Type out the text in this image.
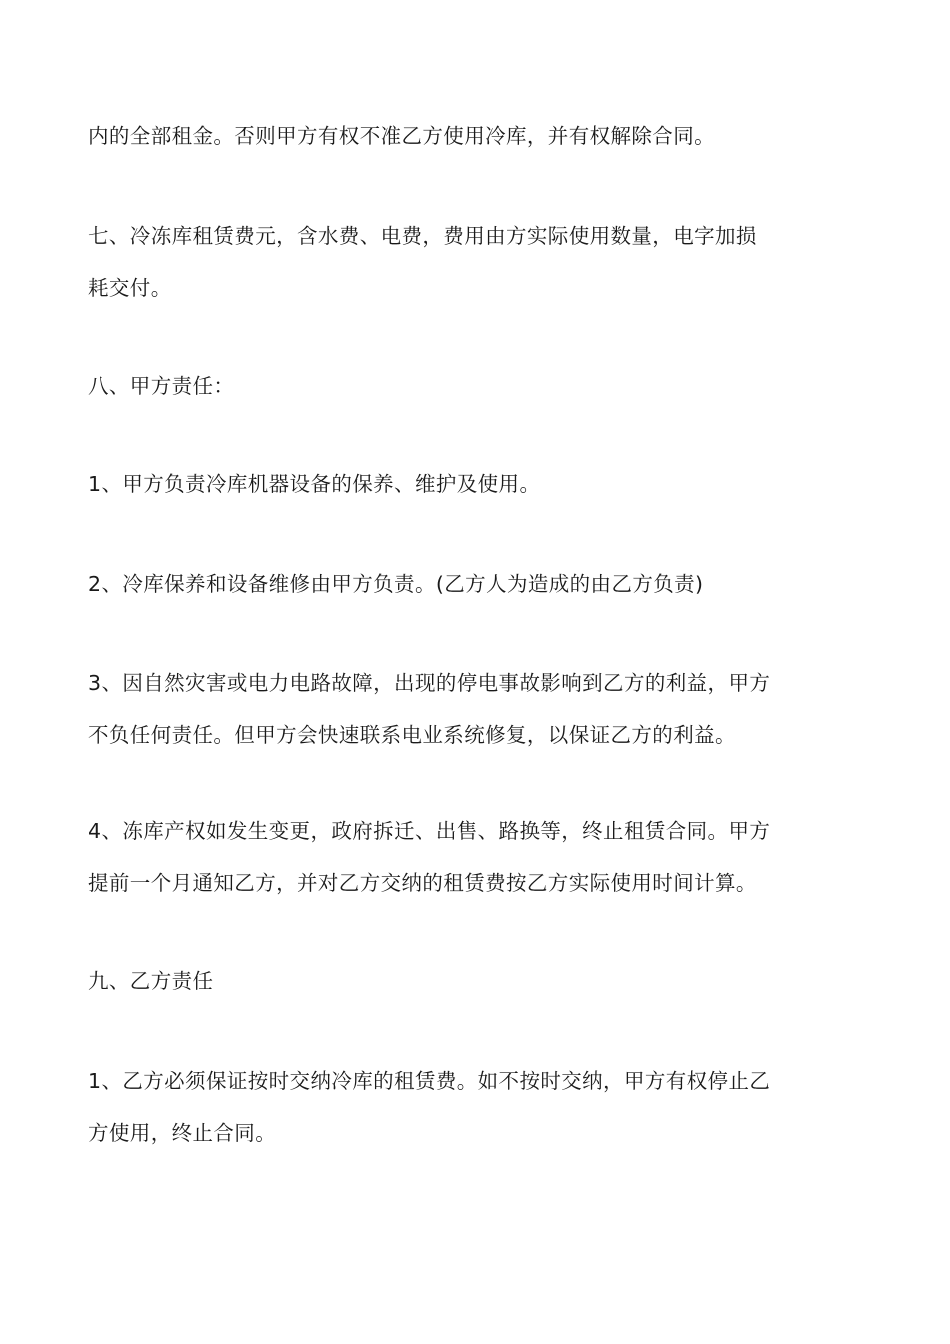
内的全部租金。否则甲方有权不准乙方使用冷库，并有权解除合同。
七、冷冻库租赁费元，含水费、电费，费用由方实际使用数量，电字加损
耗交付。
八、甲方责任：
1、甲方负责冷库机器设备的保养、维护及使用。
2、冷库保养和设备维修由甲方负责。(乙方人为造成的由乙方负责)
3、因自然灾害或电力电路故障，出现的停电事故影响到乙方的利益，甲方
不负任何责任。但甲方会快速联系电业系统修复，以保证乙方的利益。
4、冻库产权如发生变更，政府拆迁、出售、路换等，终止租赁合同。甲方
提前一个月通知乙方，并对乙方交纳的租赁费按乙方实际使用时间计算。
九、乙方责任
1、乙方必须保证按时交纳冷库的租赁费。如不按时交纳，甲方有权停止乙
方使用，终止合同。
